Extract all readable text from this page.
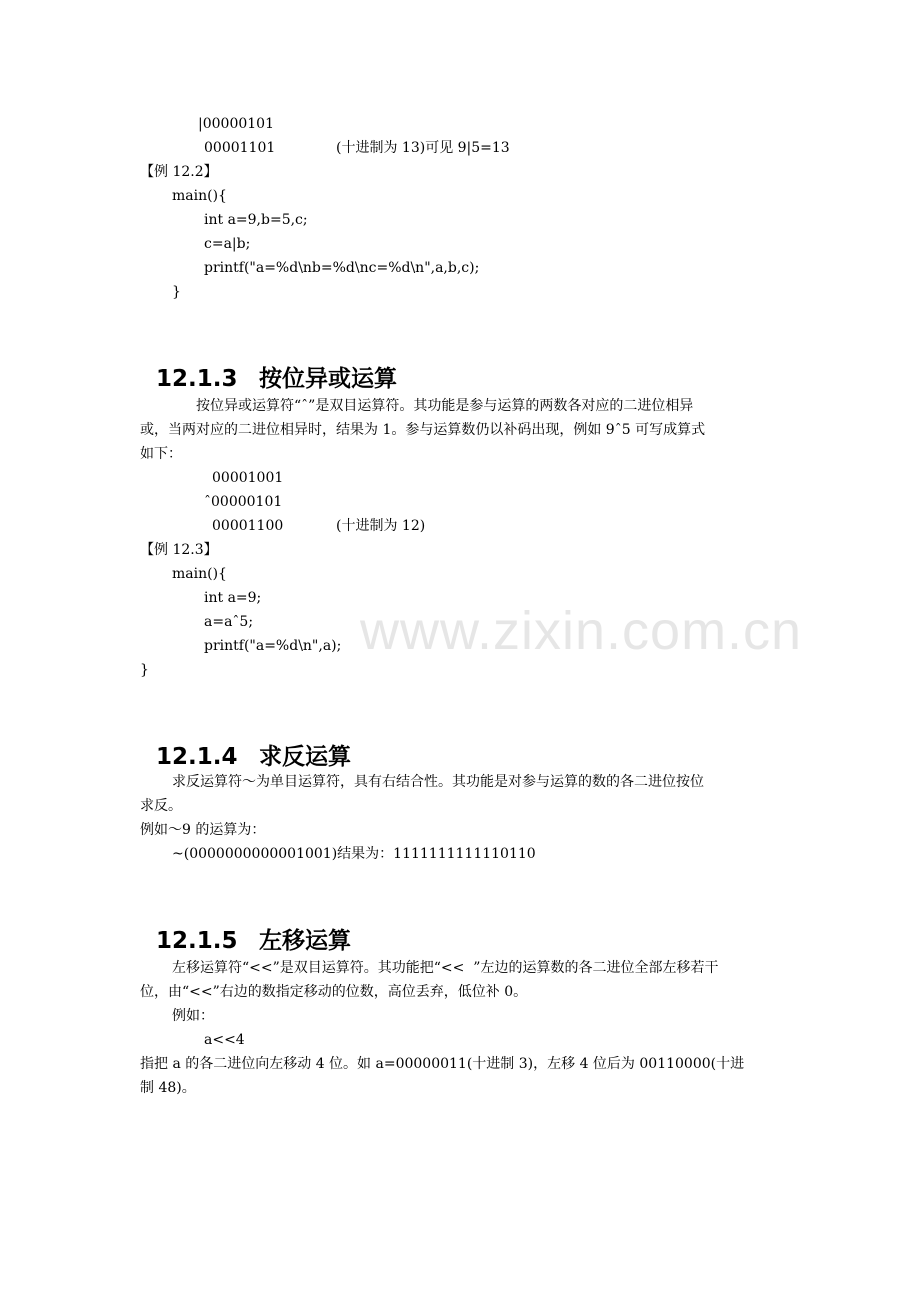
www.zixin.com.cn
|00000101
00001101	(十进制为 13)可见 9|5=13
【例 12.2】
main(){
int a=9,b=5,c;
c=a|b;
printf("a=%d\nb=%d\nc=%d\n",a,b,c);
}

12.1.3 按位异或运算

按位异或运算符“ˆ”是双目运算符。其功能是参与运算的两数各对应的二进位相异
或，当两对应的二进位相异时，结果为 1。参与运算数仍以补码出现，例如 9ˆ5 可写成算式
如下：
00001001
ˆ00000101
00001100	(十进制为 12)
【例 12.3】
main(){
int a=9;
a=aˆ5;
printf("a=%d\n",a);
}

12.1.4 求反运算

求反运算符～为单目运算符，具有右结合性。其功能是对参与运算的数的各二进位按位
求反。
例如～9 的运算为：
~(0000000000001001)结果为：1111111111110110

12.1.5 左移运算

左移运算符“<<”是双目运算符。其功能把“<<  ”左边的运算数的各二进位全部左移若干
位，由“<<”右边的数指定移动的位数，高位丢弃，低位补 0。
例如：
a<<4
指把 a 的各二进位向左移动 4 位。如 a=00000011(十进制 3)，左移 4 位后为 00110000(十进
制 48)。
